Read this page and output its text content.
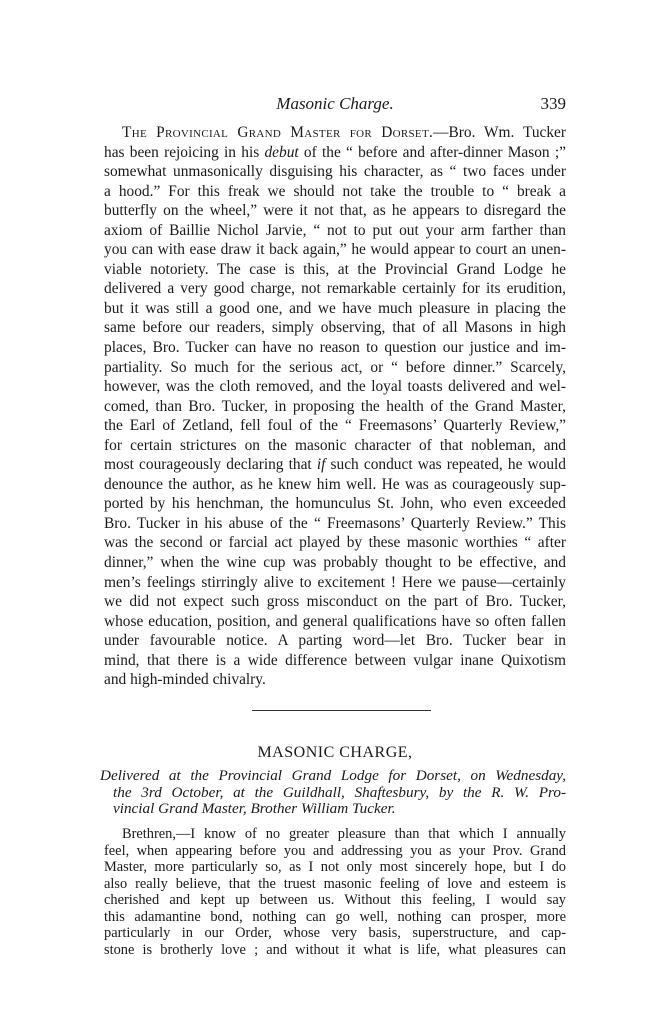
Masonic Charge.	339
The Provincial Grand Master for Dorset.—Bro. Wm. Tucker
has been rejoicing in his debut of the “ before and after-dinner Mason ;”
somewhat unmasonically disguising his character, as “ two faces under
a hood.” For this freak we should not take the trouble to “ break a
butterfly on the wheel,” were it not that, as he appears to disregard the
axiom of Baillie Nichol Jarvie, “ not to put out your arm farther than
you can with ease draw it back again,” he would appear to court an unen-
viable notoriety. The case is this, at the Provincial Grand Lodge he
delivered a very good charge, not remarkable certainly for its erudition,
but it was still a good one, and we have much pleasure in placing the
same before our readers, simply observing, that of all Masons in high
places, Bro. Tucker can have no reason to question our justice and im-
partiality. So much for the serious act, or “ before dinner.” Scarcely,
however, was the cloth removed, and the loyal toasts delivered and wel-
comed, than Bro. Tucker, in proposing the health of the Grand Master,
the Earl of Zetland, fell foul of the “ Freemasons’ Quarterly Review,”
for certain strictures on the masonic character of that nobleman, and
most courageously declaring that if such conduct was repeated, he would
denounce the author, as he knew him well. He was as courageously sup-
ported by his henchman, the homunculus St. John, who even exceeded
Bro. Tucker in his abuse of the “ Freemasons’ Quarterly Review.” This
was the second or farcial act played by these masonic worthies “ after
dinner,” when the wine cup was probably thought to be effective, and
men’s feelings stirringly alive to excitement ! Here we pause—certainly
we did not expect such gross misconduct on the part of Bro. Tucker,
whose education, position, and general qualifications have so often fallen
under favourable notice. A parting word—let Bro. Tucker bear in
mind, that there is a wide difference between vulgar inane Quixotism
and high-minded chivalry.
MASONIC CHARGE,
Delivered at the Provincial Grand Lodge for Dorset, on Wednesday,
the 3rd October, at the Guildhall, Shaftesbury, by the R. W. Pro-
vincial Grand Master, Brother William Tucker.
Brethren,—I know of no greater pleasure than that which I annually
feel, when appearing before you and addressing you as your Prov. Grand
Master, more particularly so, as I not only most sincerely hope, but I do
also really believe, that the truest masonic feeling of love and esteem is
cherished and kept up between us. Without this feeling, I would say
this adamantine bond, nothing can go well, nothing can prosper, more
particularly in our Order, whose very basis, superstructure, and cap-
stone is brotherly love ; and without it what is life, what pleasures can
